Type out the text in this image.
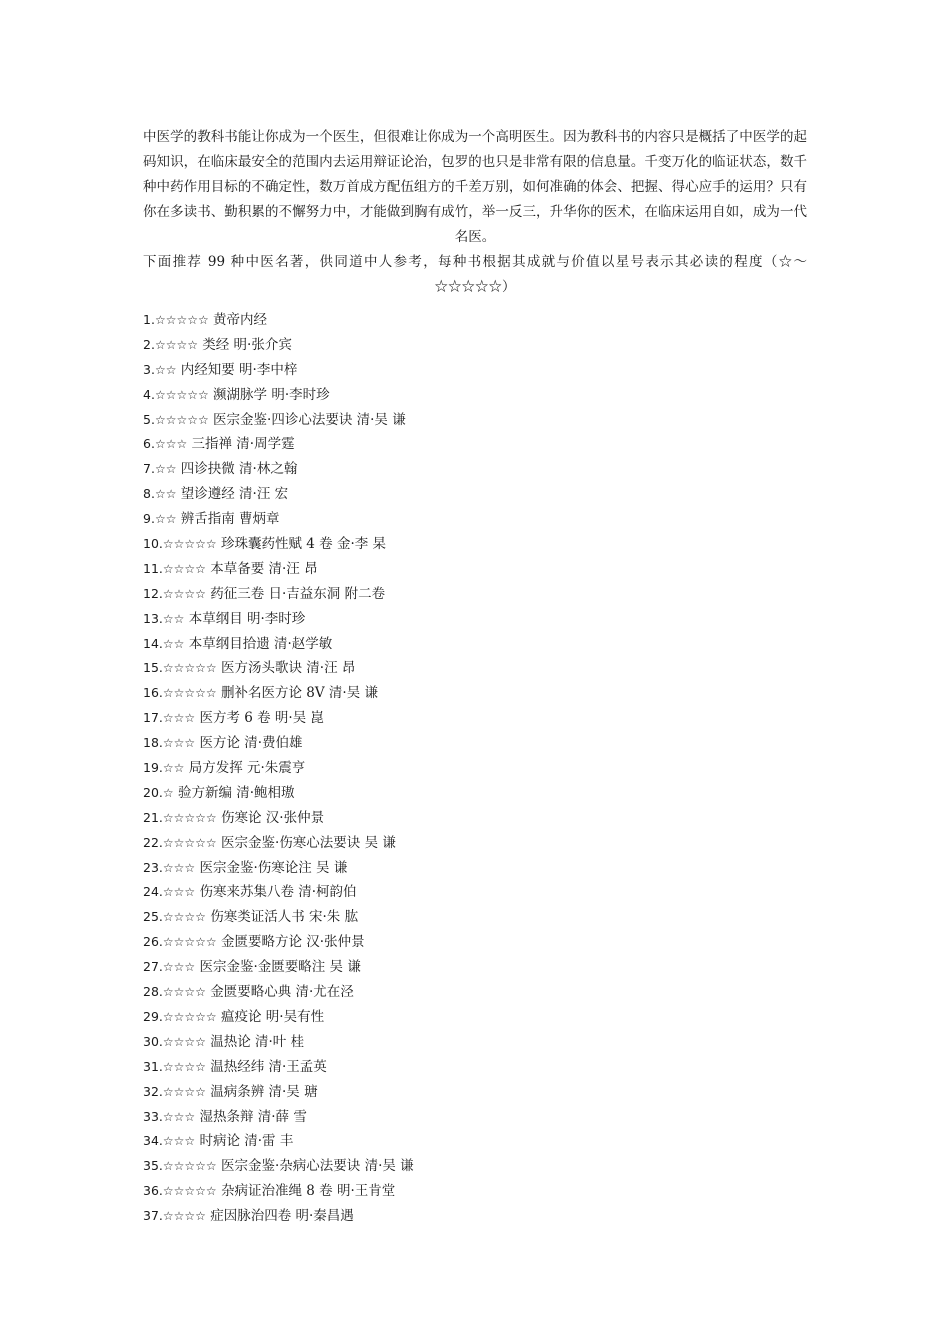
中医学的教科书能让你成为一个医生，但很难让你成为一个高明医生。因为教科书的内容只是概括了中医学的起码知识，在临床最安全的范围内去运用辩证论治，包罗的也只是非常有限的信息量。千变万化的临证状态，数千种中药作用目标的不确定性，数万首成方配伍组方的千差万别，如何准确的体会、把握、得心应手的运用？只有你在多读书、勤积累的不懈努力中，才能做到胸有成竹，举一反三，升华你的医术，在临床运用自如，成为一代名医。

下面推荐 99 种中医名著，供同道中人参考，每种书根据其成就与价值以星号表示其必读的程度（☆～☆☆☆☆☆）

1.☆☆☆☆☆ 黄帝内经
2.☆☆☆☆ 类经 明·张介宾
3.☆☆ 内经知要 明·李中梓
4.☆☆☆☆☆ 濒湖脉学 明·李时珍
5.☆☆☆☆☆ 医宗金鉴·四诊心法要诀 清·吴 谦
6.☆☆☆ 三指禅 清·周学霆
7.☆☆ 四诊抉微 清·林之翰
8.☆☆ 望诊遵经 清·汪 宏
9.☆☆ 辨舌指南 曹炳章
10.☆☆☆☆☆ 珍珠囊药性赋 4 卷 金·李 杲
11.☆☆☆☆ 本草备要 清·汪 昂
12.☆☆☆☆ 药征三卷 日·吉益东洞 附二卷
13.☆☆ 本草纲目 明·李时珍
14.☆☆ 本草纲目拾遗 清·赵学敏
15.☆☆☆☆☆ 医方汤头歌诀 清·汪 昂
16.☆☆☆☆☆ 删补名医方论 8V 清·吴 谦
17.☆☆☆ 医方考 6 卷 明·吴 崑
18.☆☆☆ 医方论 清·费伯雄
19.☆☆ 局方发挥 元·朱震亨
20.☆ 验方新编 清·鲍相璈
21.☆☆☆☆☆ 伤寒论 汉·张仲景
22.☆☆☆☆☆ 医宗金鉴·伤寒心法要诀 吴 谦
23.☆☆☆ 医宗金鉴·伤寒论注 吴 谦
24.☆☆☆ 伤寒来苏集八卷 清·柯韵伯
25.☆☆☆☆ 伤寒类证活人书 宋·朱 肱
26.☆☆☆☆☆ 金匮要略方论 汉·张仲景
27.☆☆☆ 医宗金鉴·金匮要略注 吴 谦
28.☆☆☆☆ 金匮要略心典 清·尤在泾
29.☆☆☆☆☆ 瘟疫论 明·吴有性
30.☆☆☆☆ 温热论 清·叶 桂
31.☆☆☆☆ 温热经纬 清·王孟英
32.☆☆☆☆ 温病条辨 清·吴 瑭
33.☆☆☆ 湿热条辩 清·薛 雪
34.☆☆☆ 时病论 清·雷 丰
35.☆☆☆☆☆ 医宗金鉴·杂病心法要诀 清·吴 谦
36.☆☆☆☆☆ 杂病证治准绳 8 卷 明·王肯堂
37.☆☆☆☆ 症因脉治四卷 明·秦昌遇
